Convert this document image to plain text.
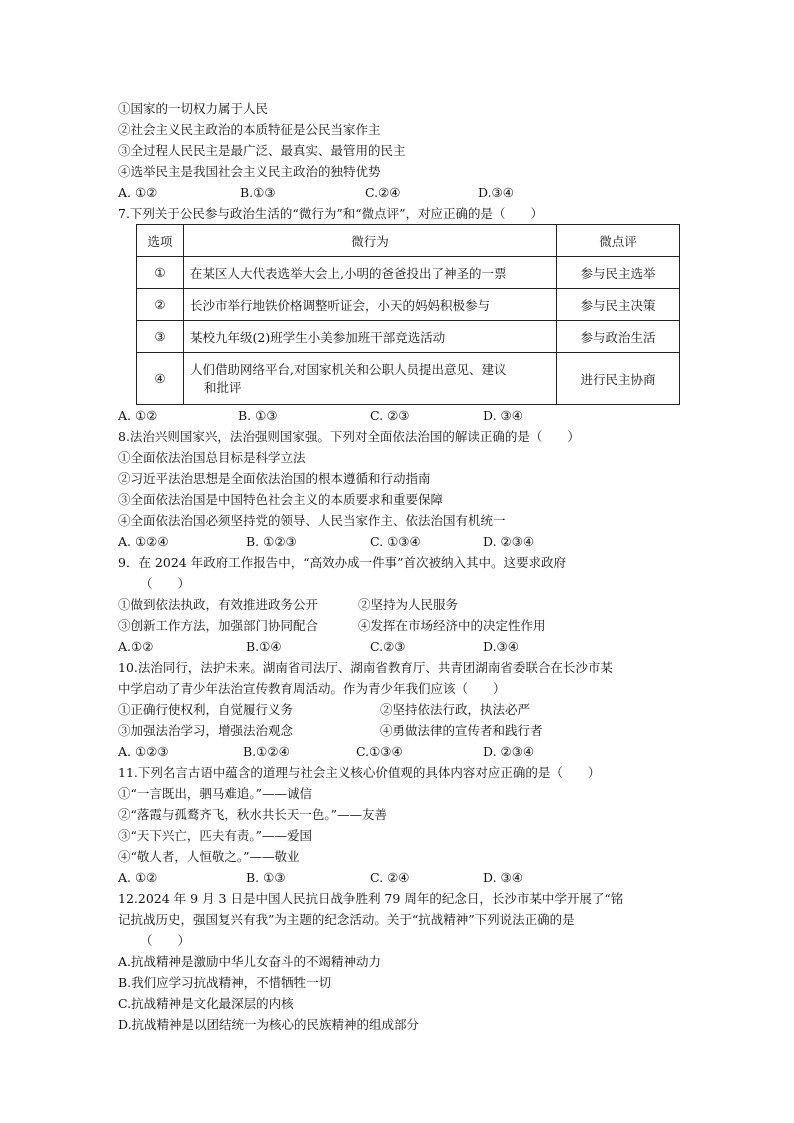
①国家的一切权力属于人民
②社会主义民主政治的本质特征是公民当家作主
③全过程人民民主是最广泛、最真实、最管用的民主
④选举民主是我国社会主义民主政治的独特优势
A. ①②	B.①③	C.②④	D.③④
7.下列关于公民参与政治生活的“微行为”和“微点评”，对应正确的是（　　）
选项	微行为	微点评
①	在某区人大代表选举大会上,小明的爸爸投出了神圣的一票	参与民主选举
②	长沙市举行地铁价格调整听证会，小天的妈妈积极参与	参与民主决策
③	某校九年级(2)班学生小美参加班干部竞选活动	参与政治生活
④	人们借助网络平台,对国家机关和公职人员提出意见、建议
和批评	进行民主协商
A. ①②	B. ①③	C. ②③	D. ③④
8.法治兴则国家兴，法治强则国家强。下列对全面依法治国的解读正确的是（　　）
①全面依法治国总目标是科学立法
②习近平法治思想是全面依法治国的根本遵循和行动指南
③全面依法治国是中国特色社会主义的本质要求和重要保障
④全面依法治国必须坚持党的领导、人民当家作主、依法治国有机统一
A. ①②④	B. ①②③	C. ①③④	D. ②③④
9．在 2024 年政府工作报告中，“高效办成一件事”首次被纳入其中。这要求政府
（　　）
①做到依法执政，有效推进政务公开	②坚持为人民服务
③创新工作方法，加强部门协同配合	④发挥在市场经济中的决定性作用
A.①②	B.①④	C.②③	D.③④
10.法治同行，法护未来。湖南省司法厅、湖南省教育厅、共青团湖南省委联合在长沙市某
中学启动了青少年法治宣传教育周活动。作为青少年我们应该（　　）
①正确行使权利，自觉履行义务	②坚持依法行政，执法必严
③加强法治学习，增强法治观念	④勇做法律的宣传者和践行者
A. ①②③	B.①②④	C.①③④	D. ②③④
11.下列名言古语中蕴含的道理与社会主义核心价值观的具体内容对应正确的是（　　）
①“一言既出，驷马难追。”——诚信
②“落霞与孤鹜齐飞，秋水共长天一色。”——友善
③“天下兴亡，匹夫有责。”——爱国
④“敬人者，人恒敬之。”——敬业
A. ①②	B. ①③	C. ②④	D. ③④
12.2024 年 9 月 3 日是中国人民抗日战争胜利 79 周年的纪念日，长沙市某中学开展了“铭
记抗战历史，强国复兴有我”为主题的纪念活动。关于“抗战精神”下列说法正确的是
（　　）
A.抗战精神是激励中华儿女奋斗的不竭精神动力
B.我们应学习抗战精神，不惜牺牲一切
C.抗战精神是文化最深层的内核
D.抗战精神是以团结统一为核心的民族精神的组成部分
